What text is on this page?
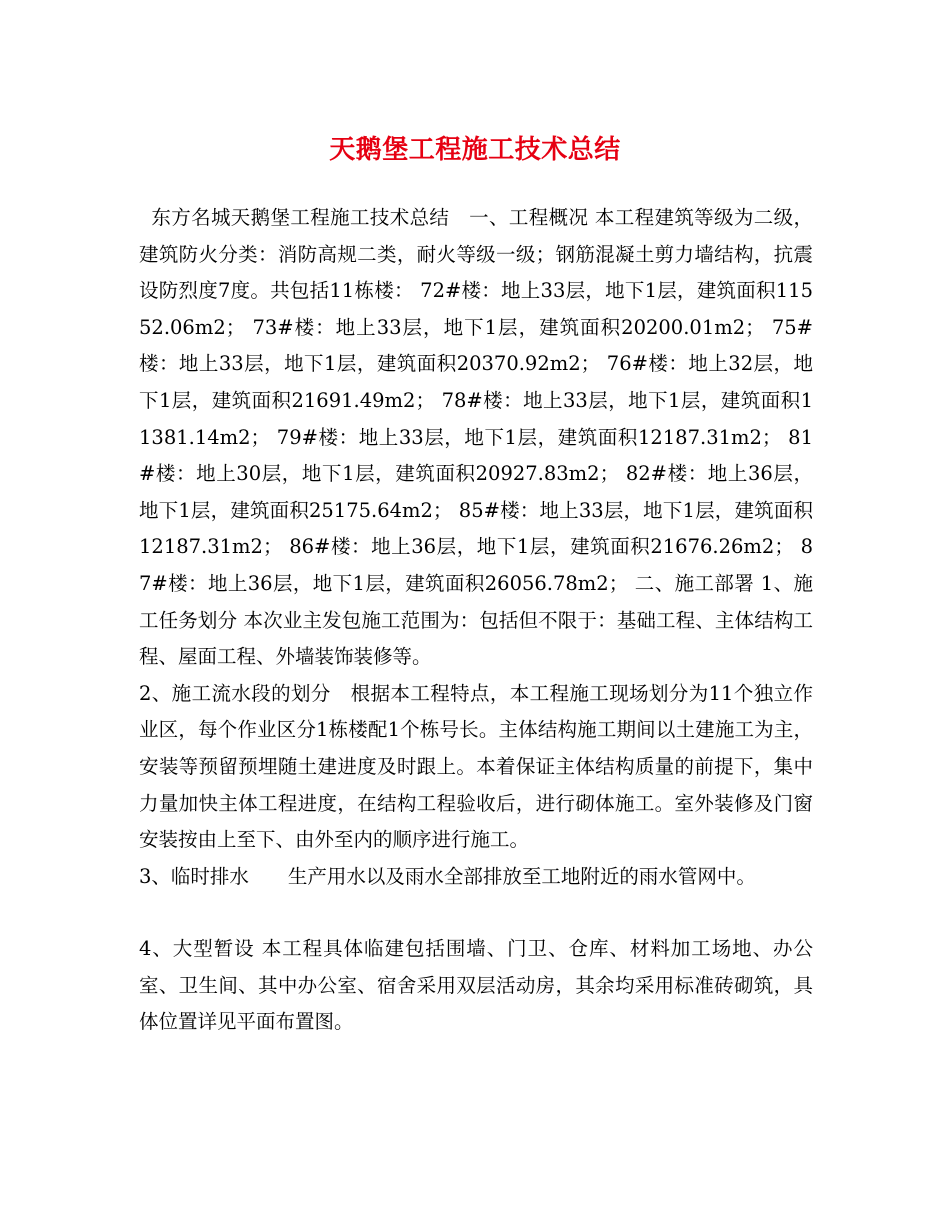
天鹅堡工程施工技术总结

东方名城天鹅堡工程施工技术总结　一、工程概况 本工程建筑等级为二级，建筑防火分类：消防高规二类，耐火等级一级；钢筋混凝土剪力墙结构，抗震设防烈度7度。共包括11栋楼： 72#楼：地上33层，地下1层，建筑面积11552.06m2； 73#楼：地上33层，地下1层，建筑面积20200.01m2； 75#楼：地上33层，地下1层，建筑面积20370.92m2； 76#楼：地上32层，地下1层，建筑面积21691.49m2； 78#楼：地上33层，地下1层，建筑面积11381.14m2； 79#楼：地上33层，地下1层，建筑面积12187.31m2； 81#楼：地上30层，地下1层，建筑面积20927.83m2； 82#楼：地上36层，地下1层，建筑面积25175.64m2； 85#楼：地上33层，地下1层，建筑面积12187.31m2； 86#楼：地上36层，地下1层，建筑面积21676.26m2； 87#楼：地上36层，地下1层，建筑面积26056.78m2； 二、施工部署 1、施工任务划分 本次业主发包施工范围为：包括但不限于：基础工程、主体结构工程、屋面工程、外墙装饰装修等。

2、施工流水段的划分　根据本工程特点，本工程施工现场划分为11个独立作业区，每个作业区分1栋楼配1个栋号长。主体结构施工期间以土建施工为主，安装等预留预埋随土建进度及时跟上。本着保证主体结构质量的前提下，集中力量加快主体工程进度，在结构工程验收后，进行砌体施工。室外装修及门窗安装按由上至下、由外至内的顺序进行施工。

3、临时排水　　生产用水以及雨水全部排放至工地附近的雨水管网中。

4、大型暂设 本工程具体临建包括围墙、门卫、仓库、材料加工场地、办公室、卫生间、其中办公室、宿舍采用双层活动房，其余均采用标准砖砌筑，具体位置详见平面布置图。
